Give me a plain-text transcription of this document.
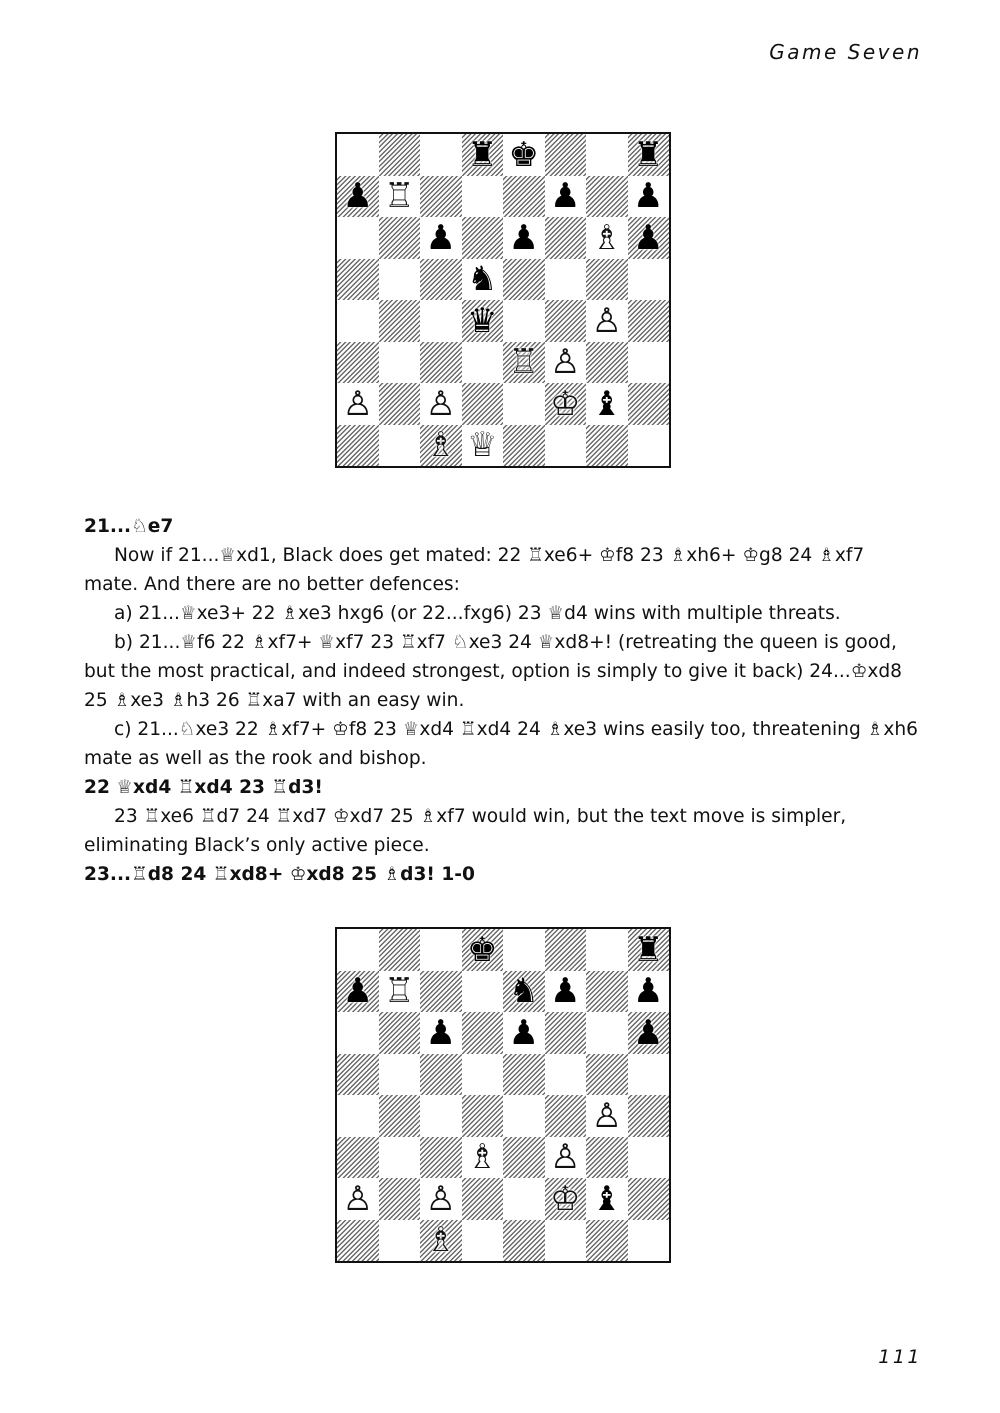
Game Seven
♜ ♚	♜
♟ ♖	♟ ♟
♟ ♟ ♗ ♟
♞
♛	♙
♖ ♙
♙ ♙	♔ ♝
♗ ♕

21...♘e7

Now if 21...♕xd1, Black does get mated: 22 ♖xe6+ ♔f8 23 ♗xh6+ ♔g8 24 ♗xf7 mate. And there are no better defences:

a) 21...♕xe3+ 22 ♗xe3 hxg6 (or 22...fxg6) 23 ♕d4 wins with multiple threats.

b) 21...♕f6 22 ♗xf7+ ♕xf7 23 ♖xf7 ♘xe3 24 ♕xd8+! (retreating the queen is good, but the most practical, and indeed strongest, option is simply to give it back) 24...♔xd8 25 ♗xe3 ♗h3 26 ♖xa7 with an easy win.

c) 21...♘xe3 22 ♗xf7+ ♔f8 23 ♕xd4 ♖xd4 24 ♗xe3 wins easily too, threatening ♗xh6 mate as well as the rook and bishop.

22 ♕xd4 ♖xd4 23 ♖d3!

23 ♖xe6 ♖d7 24 ♖xd7 ♔xd7 25 ♗xf7 would win, but the text move is simpler, eliminating Black’s only active piece.

23...♖d8 24 ♖xd8+ ♔xd8 25 ♗d3! 1-0

♚	♜
♟ ♖	♞ ♟ ♟
♟ ♟	♟
♙
♗ ♙
♙ ♙	♔ ♝
♗
111
